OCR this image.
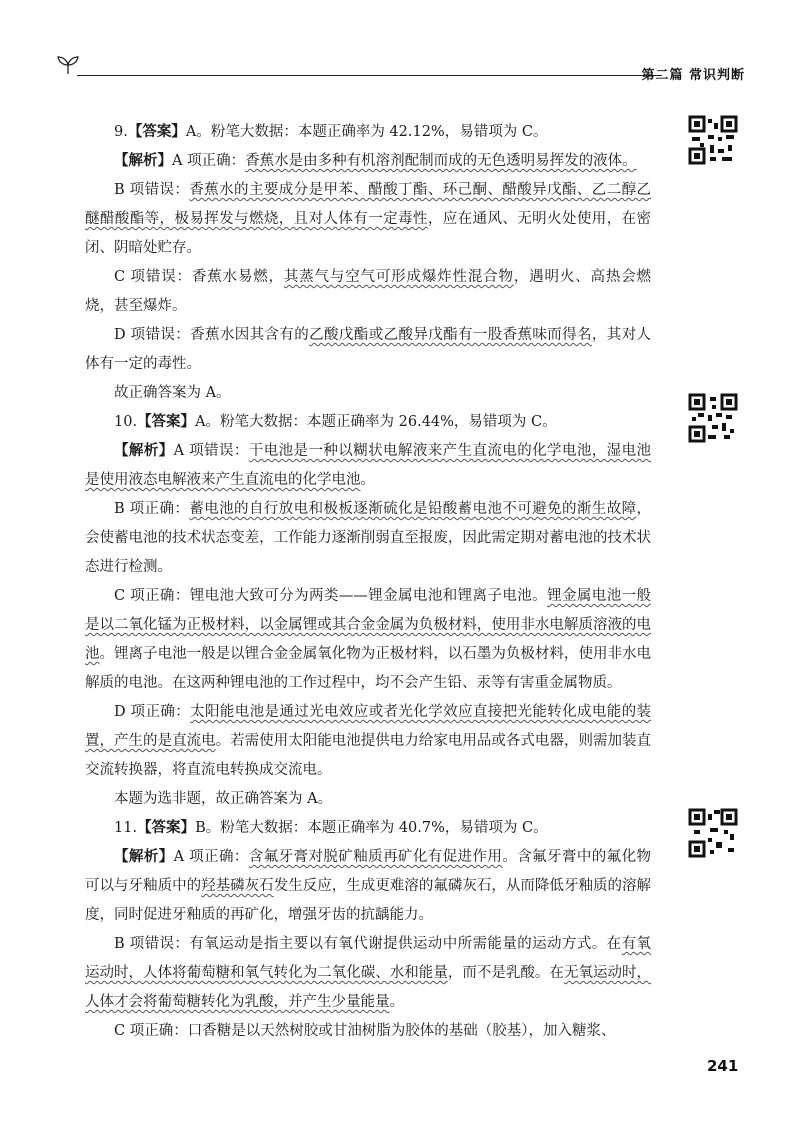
第二篇 常识判断

9.【答案】A。粉笔大数据：本题正确率为 42.12%，易错项为 C。

【解析】A 项正确：香蕉水是由多种有机溶剂配制而成的无色透明易挥发的液体。

B 项错误：香蕉水的主要成分是甲苯、醋酸丁酯、环己酮、醋酸异戊酯、乙二醇乙醚醋酸酯等，极易挥发与燃烧，且对人体有一定毒性，应在通风、无明火处使用，在密闭、阴暗处贮存。

C 项错误：香蕉水易燃，其蒸气与空气可形成爆炸性混合物，遇明火、高热会燃烧，甚至爆炸。

D 项错误：香蕉水因其含有的乙酸戊酯或乙酸异戊酯有一股香蕉味而得名，其对人体有一定的毒性。

故正确答案为 A。

10.【答案】A。粉笔大数据：本题正确率为 26.44%，易错项为 C。

【解析】A 项错误：干电池是一种以糊状电解液来产生直流电的化学电池，湿电池是使用液态电解液来产生直流电的化学电池。

B 项正确：蓄电池的自行放电和极板逐渐硫化是铅酸蓄电池不可避免的渐生故障，会使蓄电池的技术状态变差，工作能力逐渐削弱直至报废，因此需定期对蓄电池的技术状态进行检测。

C 项正确：锂电池大致可分为两类——锂金属电池和锂离子电池。锂金属电池一般是以二氧化锰为正极材料，以金属锂或其合金金属为负极材料，使用非水电解质溶液的电池。锂离子电池一般是以锂合金金属氧化物为正极材料，以石墨为负极材料，使用非水电解质的电池。在这两种锂电池的工作过程中，均不会产生铅、汞等有害重金属物质。

D 项正确：太阳能电池是通过光电效应或者光化学效应直接把光能转化成电能的装置，产生的是直流电。若需使用太阳能电池提供电力给家电用品或各式电器，则需加装直交流转换器，将直流电转换成交流电。

本题为选非题，故正确答案为 A。

11.【答案】B。粉笔大数据：本题正确率为 40.7%，易错项为 C。

【解析】A 项正确：含氟牙膏对脱矿釉质再矿化有促进作用。含氟牙膏中的氟化物可以与牙釉质中的羟基磷灰石发生反应，生成更难溶的氟磷灰石，从而降低牙釉质的溶解度，同时促进牙釉质的再矿化，增强牙齿的抗龋能力。

B 项错误：有氧运动是指主要以有氧代谢提供运动中所需能量的运动方式。在有氧运动时，人体将葡萄糖和氧气转化为二氧化碳、水和能量，而不是乳酸。在无氧运动时，人体才会将葡萄糖转化为乳酸，并产生少量能量。

C 项正确：口香糖是以天然树胶或甘油树脂为胶体的基础（胶基），加入糖浆、

241
